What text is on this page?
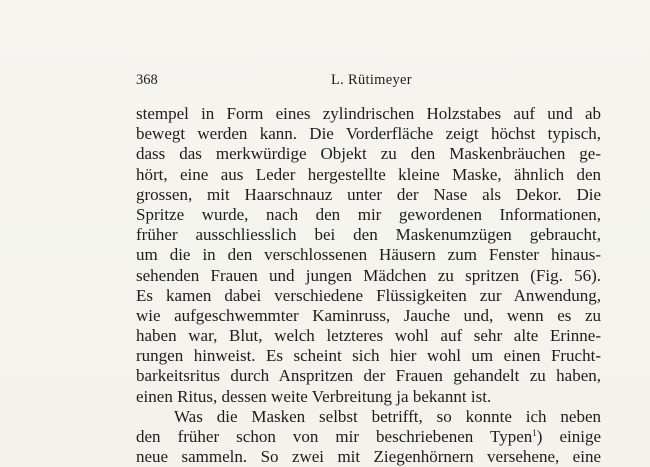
368	L. Rütimeyer
stempel in Form eines zylindrischen Holzstabes auf und ab
bewegt werden kann. Die Vorderfläche zeigt höchst typisch,
dass das merkwürdige Objekt zu den Maskenbräuchen ge-
hört, eine aus Leder hergestellte kleine Maske, ähnlich den
grossen, mit Haarschnauz unter der Nase als Dekor. Die
Spritze wurde, nach den mir gewordenen Informationen,
früher ausschliesslich bei den Maskenumzügen gebraucht,
um die in den verschlossenen Häusern zum Fenster hinaus-
sehenden Frauen und jungen Mädchen zu spritzen (Fig. 56).
Es kamen dabei verschiedene Flüssigkeiten zur Anwendung,
wie aufgeschwemmter Kaminruss, Jauche und, wenn es zu
haben war, Blut, welch letzteres wohl auf sehr alte Erinne-
rungen hinweist. Es scheint sich hier wohl um einen Frucht-
barkeitsritus durch Anspritzen der Frauen gehandelt zu haben,
einen Ritus, dessen weite Verbreitung ja bekannt ist.
Was die Masken selbst betrifft, so konnte ich neben
den früher schon von mir beschriebenen Typen$^1$) einige
neue sammeln. So zwei mit Ziegenhörnern versehene, eine
